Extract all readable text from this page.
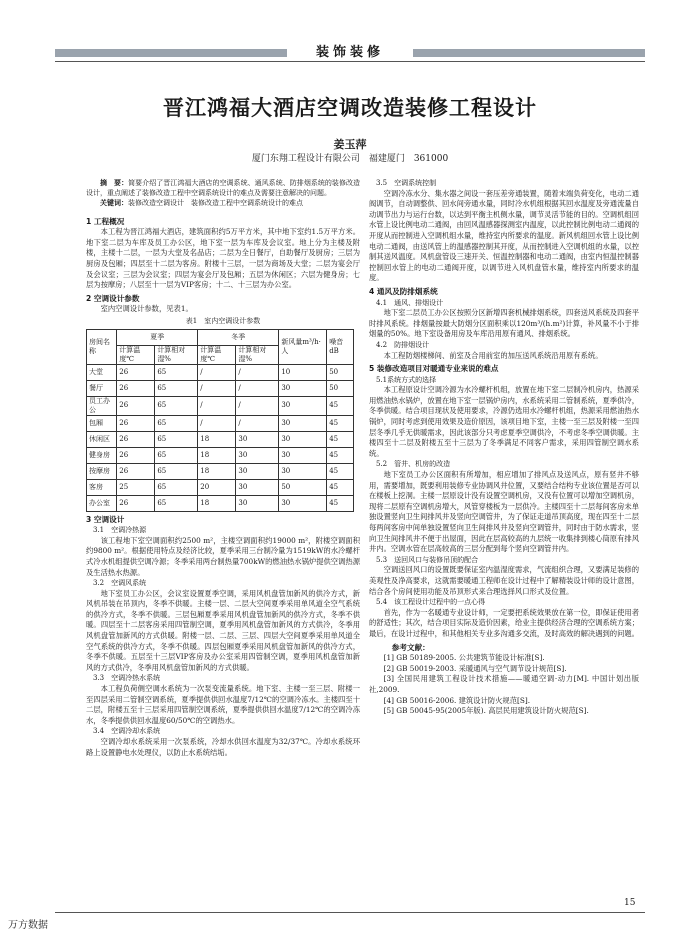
装饰装修
晋江鸿福大酒店空调改造装修工程设计
姜玉萍
厦门东翔工程设计有限公司　福建厦门　361000

摘　要：简要介绍了晋江鸿福大酒店的空调系统、通风系统、防排烟系统的装修改造设计，重点阐述了装修改造工程中空调系统设计的难点及需要注意解决的问题。

关键词：装修改造空调设计　装修改造工程中空调系统设计的难点

1 工程概况

本工程为晋江鸿福大酒店，建筑面积约5万平方米，其中地下室约1.5万平方米。地下室二层为车库及员工办公区，地下室一层为车库及会议室。地上分为主楼及附楼，主楼十二层，一层为大堂及名品店；二层为全日餐厅，自助餐厅及厨房；三层为厨房及包厢；四层至十二层为客房。附楼十三层，一层为商场及大堂；二层为宴会厅及会议室；三层为会议室；四层为宴会厅及包厢；五层为休闲区；六层为健身房；七层为按摩房；八层至十一层为VIP客房；十二、十三层为办公室。

2 空调设计参数

室内空调设计参数，见表1。

表1　室内空调设计参数
房间名称	夏季		冬季		新风量m³/h·人	噪音dB
	计算温度℃	计算相对湿%	计算温度℃	计算相对湿%		
大堂	26	65	/	/	10	50
餐厅	26	65	/	/	30	50
员工办公	26	65	/	/	30	45
包厢	26	65	/	/	30	45
休闲区	26	65	18	30	30	45
健身房	26	65	18	30	30	45
按摩房	26	65	18	30	30	45
客房	25	65	20	30	50	45
办公室	26	65	18	30	30	45

3 空调设计

3.1　空调冷热源

该工程地下室空调面积约2500 m²，主楼空调面积约19000 m²，附楼空调面积约9800 m²。根据使用特点及经济比较，夏季采用三台制冷量为1519kW的水冷螺杆式冷水机组提供空调冷源；冬季采用两台制热量700kW的燃油热水锅炉提供空调热源及生活热水热源。

3.2　空调风系统

地下室员工办公区，会议室设置夏季空调，采用风机盘管加新风的供冷方式，新风机吊装在吊顶内，冬季不供暖。主楼一层、二层大空间夏季采用单风道全空气系统的供冷方式，冬季不供暖。三层包厢夏季采用风机盘管加新风的供冷方式，冬季不供暖。四层至十二层客房采用四管制空调，夏季用风机盘管加新风的方式供冷，冬季用风机盘管加新风的方式供暖。附楼一层、二层、三层、四层大空间夏季采用单风道全空气系统的供冷方式，冬季不供暖。四层包厢夏季采用风机盘管加新风的供冷方式，冬季不供暖。五层至十三层VIP客房及办公室采用四管制空调，夏季用风机盘管加新风的方式供冷，冬季用风机盘管加新风的方式供暖。

3.3　空调冷热水系统

本工程负荷侧空调水系统为一次泵变流量系统。地下室、主楼一至三层、附楼一至四层采用二管制空调系统，夏季提供供回水温度7/12℃的空调冷冻水。主楼四至十二层，附楼五至十三层采用四管制空调系统，夏季提供供回水温度7/12℃的空调冷冻水，冬季提供供回水温度60/50℃的空调热水。

3.4　空调冷却水系统

空调冷却水系统采用一次泵系统，冷却水供回水温度为32/37℃。冷却水系统环路上设置静电水处理仪，以防止水系统结垢。

3.5　空调系统控制

空调冷冻水分、集水器之间设一套压差旁通装置，随着末端负荷变化，电动二通阀调节，自动调整供、回水间旁通水量，同时冷水机组根据其回水温度及旁通流量自动调节出力与运行台数，以达到平衡主机侧水量，调节灵活节能的目的。空调机组回水管上设比例电动二通阀，由回风温感器探测室内温度，以此控制比例电动二通阀的开度从而控制进入空调机组水量，维持室内所要求的温度。新风机组回水管上设比例电动二通阀，由送风管上的温感器控制其开度，从而控制进入空调机组的水量，以控制其送风温度。风机盘管设三速开关、恒温控制器和电动二通阀，由室内恒温控制器控制回水管上的电动二通阀开度，以调节进入风机盘管水量，维持室内所要求的温度。

4 通风及防排烟系统

4.1　通风、排烟设计

地下室二层员工办公区按照分区新增四套机械排烟系统，四套送风系统及四套平时排风系统。排烟量按最大防烟分区面积乘以120m³/(h.m²)计算，补风量不小于排烟量的50%。地下室设备用房及车库沿用原有通风、排烟系统。

4.2　防排烟设计

本工程防烟楼梯间、前室及合用前室的加压送风系统沿用原有系统。

5 装修改造项目对暖通专业来说的难点

5.1系统方式的选择

本工程原设计空调冷源为水冷螺杆机组，放置在地下室二层制冷机房内，热源采用燃油热水锅炉，放置在地下室一层锅炉房内，水系统采用二管制系统，夏季供冷，冬季供暖。结合项目现状及使用要求，冷源仍选用水冷螺杆机组，热源采用燃油热水锅炉，同时考虑到使用效果及造价原因，该项目地下室，主楼一至三层及附楼一至四层冬季几乎无供暖需求，因此该部分只考虑夏季空调供冷，不考虑冬季空调供暖。主楼四至十二层及附楼五至十三层为了冬季满足不同客户需求，采用四管制空调水系统。

5.2　管井、机房的改造

地下室员工办公区面积有所增加，相应增加了排风点及送风点，原有竖井不够用，需要增加，既要利用装修专业协调风井位置，又要结合结构专业该位置是否可以在楼板上挖洞。主楼一层原设计没有设置空调机房，又没有位置可以增加空调机房，现将二层原有空调机房增大，风管穿楼板为一层供冷。主楼四至十二层每间客房未单独设置竖向卫生间排风井及竖向空调管井，为了保证走道吊顶高度，现在四至十二层每两间客房中间单独设置竖向卫生间排风井及竖向空调管井，同时由于防水需求，竖向卫生间排风井不便于出屋面，因此在层高较高的九层统一收集排到楼心筒原有排风井内。空调水管在层高较高的三层分配到每个竖向空调管井内。

5.3　送回风口与装修吊顶的配合

空调送回风口的设置既要保证室内温湿度需求，气流组织合理，又要满足装修的美观性及净高要求，这就需要暖通工程师在设计过程中了解精装设计师的设计意图，结合各个房间使用功能及吊顶形式来合理选择风口形式及位置。

5.4　该工程设计过程中的一点心得

首先，作为一名暖通专业设计师，一定要把系统效果放在第一位，即保证使用者的舒适性；其次，结合项目实际及造价因素，给业主提供经济合理的空调系统方案；最后，在设计过程中，和其他相关专业多沟通多交流，及时高效的解决遇到的问题。

参考文献：

[1] GB 50189-2005. 公共建筑节能设计标准[S].

[2] GB 50019-2003. 采暖通风与空气调节设计规范[S].

[3] 全国民用建筑工程设计技术措施——暖通空调·动力[M]. 中国计划出版社,2009.

[4] GB 50016-2006. 建筑设计防火规范[S].

[5] GB 50045-95(2005年版). 高层民用建筑设计防火规范[S].

15
万方数据
